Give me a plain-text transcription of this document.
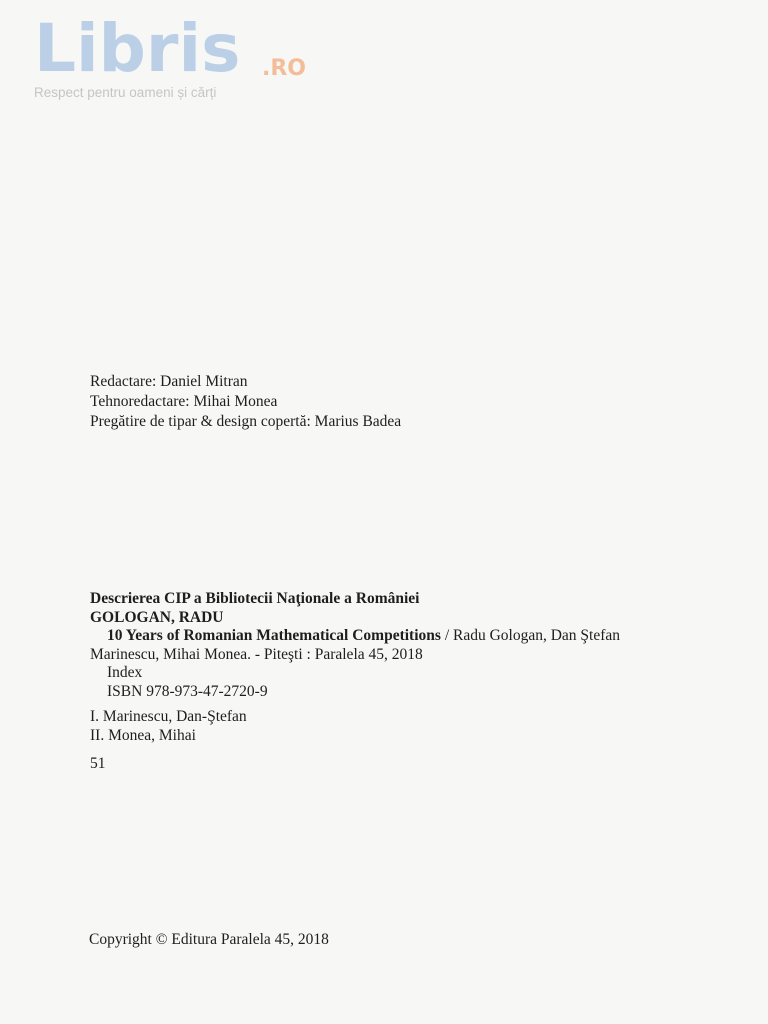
Libris .RO
Respect pentru oameni și cărți
Redactare: Daniel Mitran
Tehnoredactare: Mihai Monea
Pregătire de tipar & design copertă: Marius Badea
Descrierea CIP a Bibliotecii Naţionale a României
GOLOGAN, RADU
10 Years of Romanian Mathematical Competitions / Radu Gologan, Dan Ştefan
Marinescu, Mihai Monea. - Piteşti : Paralela 45, 2018
Index
ISBN 978-973-47-2720-9
I. Marinescu, Dan-Ştefan
II. Monea, Mihai
51
Copyright © Editura Paralela 45, 2018
